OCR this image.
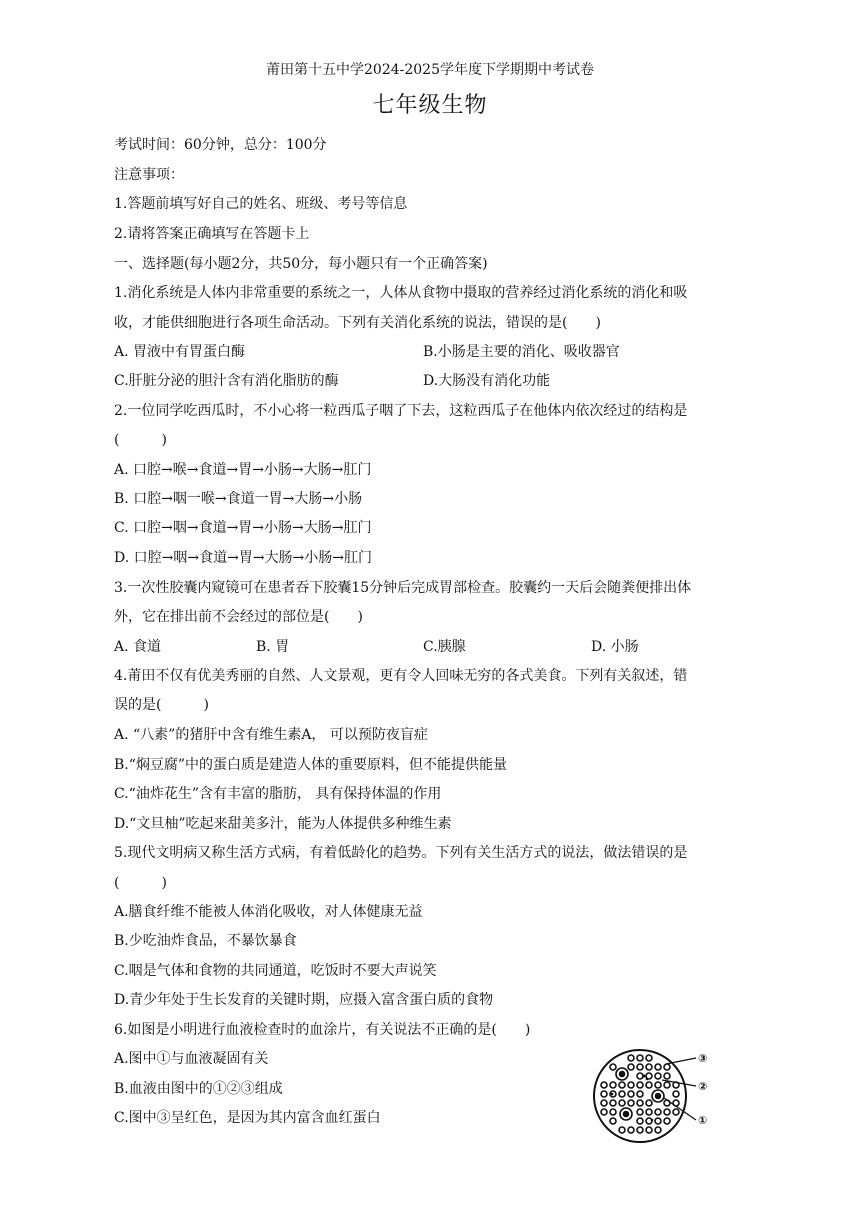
莆田第十五中学2024-2025学年度下学期期中考试卷
七年级生物
考试时间：60分钟，总分：100分
注意事项：
1.答题前填写好自己的姓名、班级、考号等信息
2.请将答案正确填写在答题卡上
一、选择题(每小题2分，共50分，每小题只有一个正确答案)
1.消化系统是人体内非常重要的系统之一，人体从食物中摄取的营养经过消化系统的消化和吸
收，才能供细胞进行各项生命活动。下列有关消化系统的说法，错误的是(　　)
A. 胃液中有胃蛋白酶	B.小肠是主要的消化、吸收器官
C.肝脏分泌的胆汁含有消化脂肪的酶	D.大肠没有消化功能
2.一位同学吃西瓜时，不小心将一粒西瓜子咽了下去，这粒西瓜子在他体内依次经过的结构是
(　　　)
A. 口腔→喉→食道→胃→小肠→大肠→肛门
B. 口腔→咽一喉→食道一胃→大肠→小肠
C. 口腔→咽→食道→胃→小肠→大肠→肛门
D. 口腔→咽→食道→胃→大肠→小肠→肛门
3.一次性胶囊内窥镜可在患者吞下胶囊15分钟后完成胃部检查。胶囊约一天后会随粪便排出体
外，它在排出前不会经过的部位是(　　)
A. 食道	B. 胃	C.胰腺	D. 小肠
4.莆田不仅有优美秀丽的自然、人文景观，更有令人回味无穷的各式美食。下列有关叙述，错
误的是(　　　)
A. “八素”的猪肝中含有维生素A， 可以预防夜盲症
B.“焖豆腐”中的蛋白质是建造人体的重要原料，但不能提供能量
C.“油炸花生”含有丰富的脂肪， 具有保持体温的作用
D.“文旦柚”吃起来甜美多汁，能为人体提供多种维生素
5.现代文明病又称生活方式病，有着低龄化的趋势。下列有关生活方式的说法，做法错误的是
(　　　)
A.膳食纤维不能被人体消化吸收，对人体健康无益
B.少吃油炸食品，不暴饮暴食
C.咽是气体和食物的共同通道，吃饭时不要大声说笑
D.青少年处于生长发育的关键时期，应摄入富含蛋白质的食物
6.如图是小明进行血液检查时的血涂片，有关说法不正确的是(　　)
A.图中①与血液凝固有关
B.血液由图中的①②③组成
C.图中③呈红色，是因为其内富含血红蛋白
③
②
①
